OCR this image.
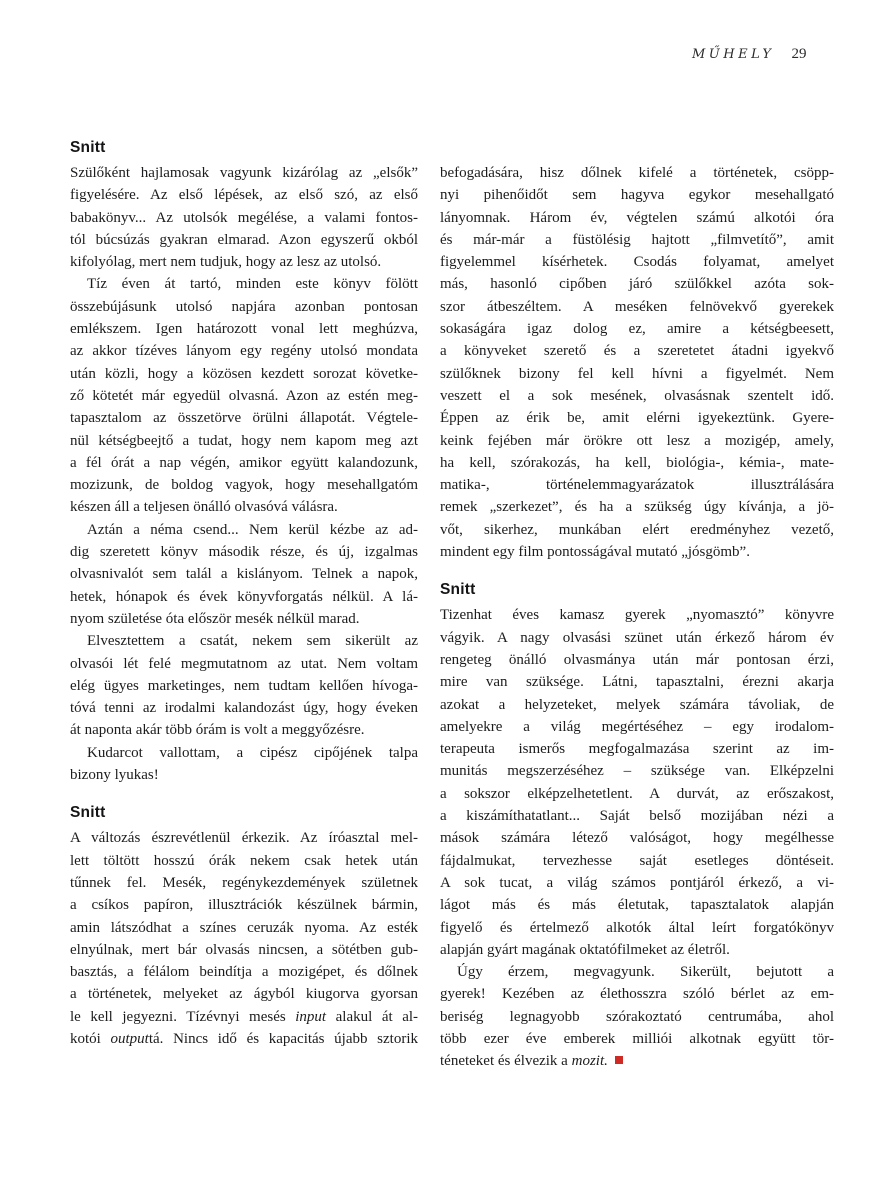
MŰHELY 29
Snitt
Szülőként hajlamosak vagyunk kizárólag az „elsők”
figyelésére. Az első lépések, az első szó, az első
babakönyv... Az utolsók megélése, a valami fontos-
tól búcsúzás gyakran elmarad. Azon egyszerű okból
kifolyólag, mert nem tudjuk, hogy az lesz az utolsó.
Tíz éven át tartó, minden este könyv fölött
összebújásunk utolsó napjára azonban pontosan
emlékszem. Igen határozott vonal lett meghúzva,
az akkor tízéves lányom egy regény utolsó mondata
után közli, hogy a közösen kezdett sorozat követke-
ző kötetét már egyedül olvasná. Azon az estén meg-
tapasztalom az összetörve örülni állapotát. Végtele-
nül kétségbeejtő a tudat, hogy nem kapom meg azt
a fél órát a nap végén, amikor együtt kalandozunk,
mozizunk, de boldog vagyok, hogy mesehallgatóm
készen áll a teljesen önálló olvasóvá válásra.
Aztán a néma csend... Nem kerül kézbe az ad-
dig szeretett könyv második része, és új, izgalmas
olvasnivalót sem talál a kislányom. Telnek a napok,
hetek, hónapok és évek könyvforgatás nélkül. A lá-
nyom születése óta először mesék nélkül marad.
Elvesztettem a csatát, nekem sem sikerült az
olvasói lét felé megmutatnom az utat. Nem voltam
elég ügyes marketinges, nem tudtam kellően hívoga-
tóvá tenni az irodalmi kalandozást úgy, hogy éveken
át naponta akár több órám is volt a meggyőzésre.
Kudarcot vallottam, a cipész cipőjének talpa
bizony lyukas!
Snitt
A változás észrevétlenül érkezik. Az íróasztal mel-
lett töltött hosszú órák nekem csak hetek után
tűnnek fel. Mesék, regénykezdemények születnek
a csíkos papíron, illusztrációk készülnek bármin,
amin látszódhat a színes ceruzák nyoma. Az esték
elnyúlnak, mert bár olvasás nincsen, a sötétben gub-
basztás, a félálom beindítja a mozigépet, és dőlnek
a történetek, melyeket az ágyból kiugorva gyorsan
le kell jegyezni. Tízévnyi mesés input alakul át al-
kotói outputtá. Nincs idő és kapacitás újabb sztorik
befogadására, hisz dőlnek kifelé a történetek, csöpp-
nyi pihenőidőt sem hagyva egykor mesehallgató
lányomnak. Három év, végtelen számú alkotói óra
és már-már a füstölésig hajtott „filmvetítő”, amit
figyelemmel kísérhetek. Csodás folyamat, amelyet
más, hasonló cipőben járó szülőkkel azóta sok-
szor átbeszéltem. A meséken felnövekvő gyerekek
sokaságára igaz dolog ez, amire a kétségbeesett,
a könyveket szerető és a szeretetet átadni igyekvő
szülőknek bizony fel kell hívni a figyelmét. Nem
veszett el a sok mesének, olvasásnak szentelt idő.
Éppen az érik be, amit elérni igyekeztünk. Gyere-
keink fejében már örökre ott lesz a mozigép, amely,
ha kell, szórakozás, ha kell, biológia-, kémia-, mate-
matika-, történelemmagyarázatok illusztrálására
remek „szerkezet”, és ha a szükség úgy kívánja, a jö-
vőt, sikerhez, munkában elért eredményhez vezető,
mindent egy film pontosságával mutató „jósgömb”.
Snitt
Tizenhat éves kamasz gyerek „nyomasztó” könyvre
vágyik. A nagy olvasási szünet után érkező három év
rengeteg önálló olvasmánya után már pontosan érzi,
mire van szüksége. Látni, tapasztalni, érezni akarja
azokat a helyzeteket, melyek számára távoliak, de
amelyekre a világ megértéséhez – egy irodalom-
terapeuta ismerős megfogalmazása szerint az im-
munitás megszerzéséhez – szüksége van. Elképzelni
a sokszor elképzelhetetlent. A durvát, az erőszakost,
a kiszámíthatatlant... Saját belső mozijában nézi a
mások számára létező valóságot, hogy megélhesse
fájdalmukat, tervezhesse saját esetleges döntéseit.
A sok tucat, a világ számos pontjáról érkező, a vi-
lágot más és más életutak, tapasztalatok alapján
figyelő és értelmező alkotók által leírt forgatókönyv
alapján gyárt magának oktatófilmeket az életről.
Úgy érzem, megvagyunk. Sikerült, bejutott a
gyerek! Kezében az élethosszra szóló bérlet az em-
beriség legnagyobb szórakoztató centrumába, ahol
több ezer éve emberek milliói alkotnak együtt tör-
téneteket és élvezik a mozit.
